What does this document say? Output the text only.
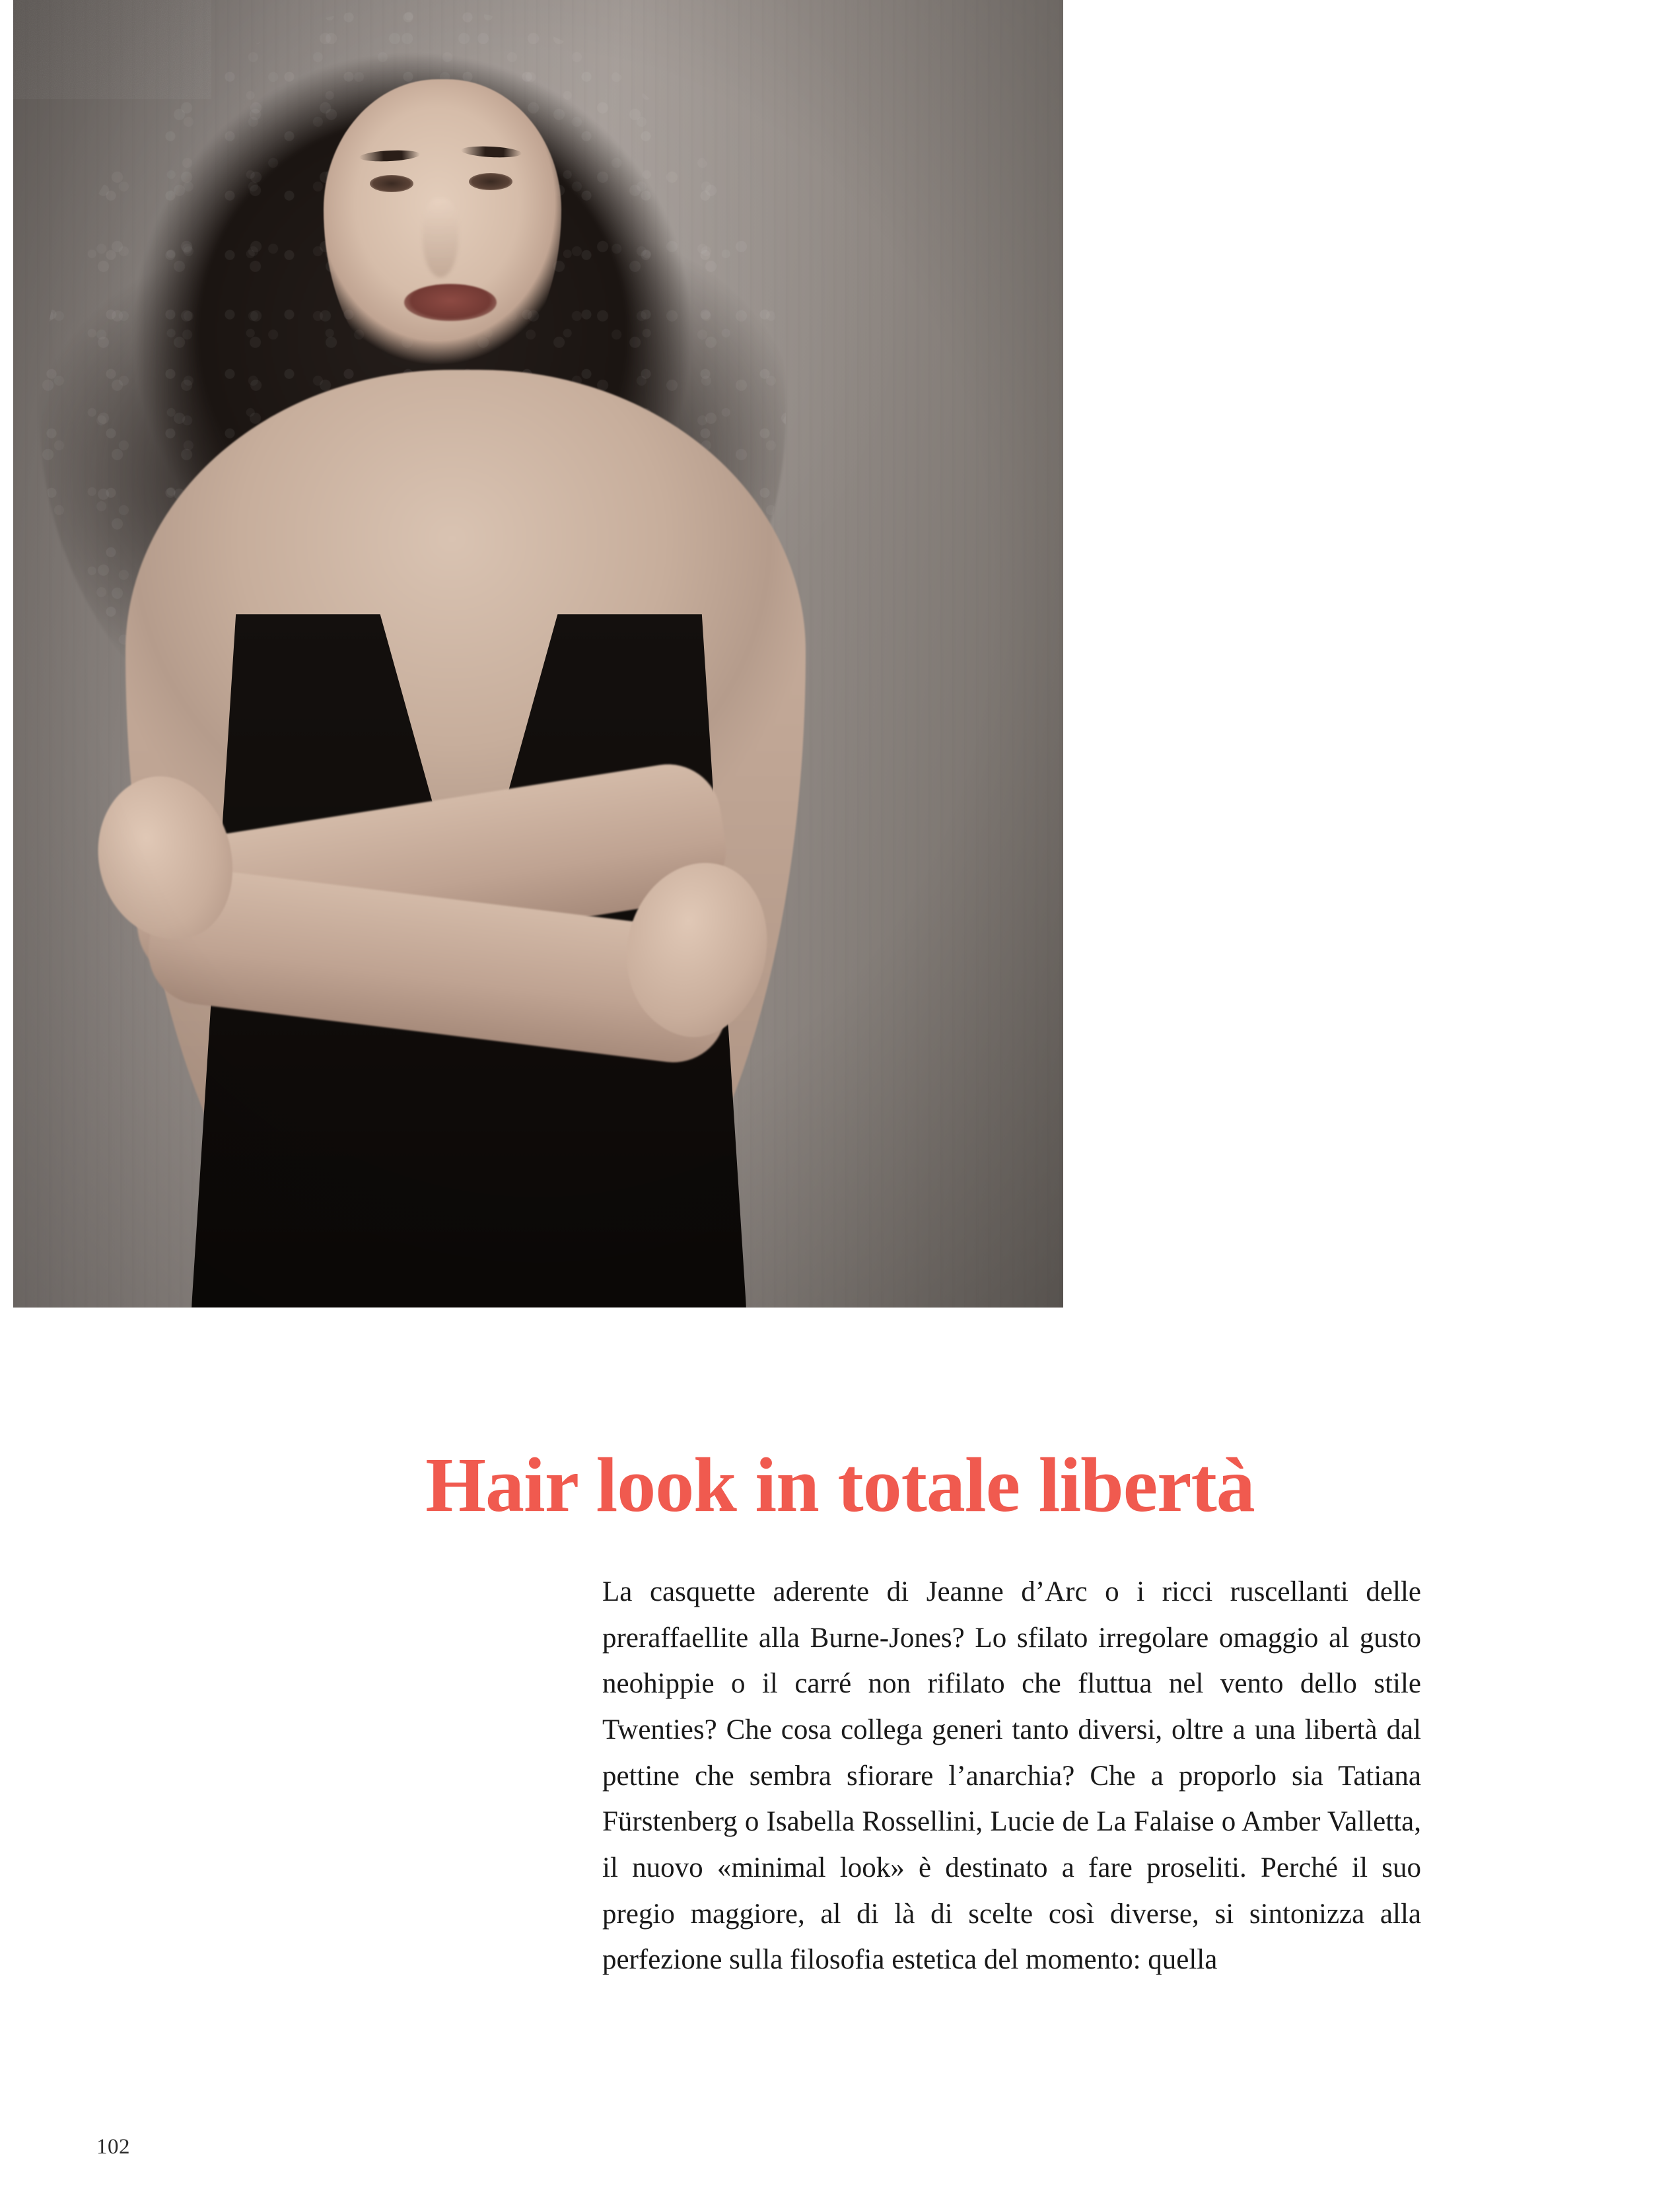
Hair look in totale libertà

La casquette aderente di Jeanne d’Arc o i ricci ruscellanti delle preraffaellite alla Burne-Jones? Lo sfilato irregolare omaggio al gusto neohippie o il carré non rifilato che fluttua nel vento dello stile Twenties? Che cosa collega generi tanto diversi, oltre a una libertà dal pettine che sembra sfiorare l’anarchia? Che a proporlo sia Tatiana Fürstenberg o Isabella Rossellini, Lucie de La Falaise o Amber Valletta, il nuovo «minimal look» è destinato a fare proseliti. Perché il suo pregio maggiore, al di là di scelte così diverse, si sintonizza alla perfezione sulla filosofia estetica del momento: quella

102
